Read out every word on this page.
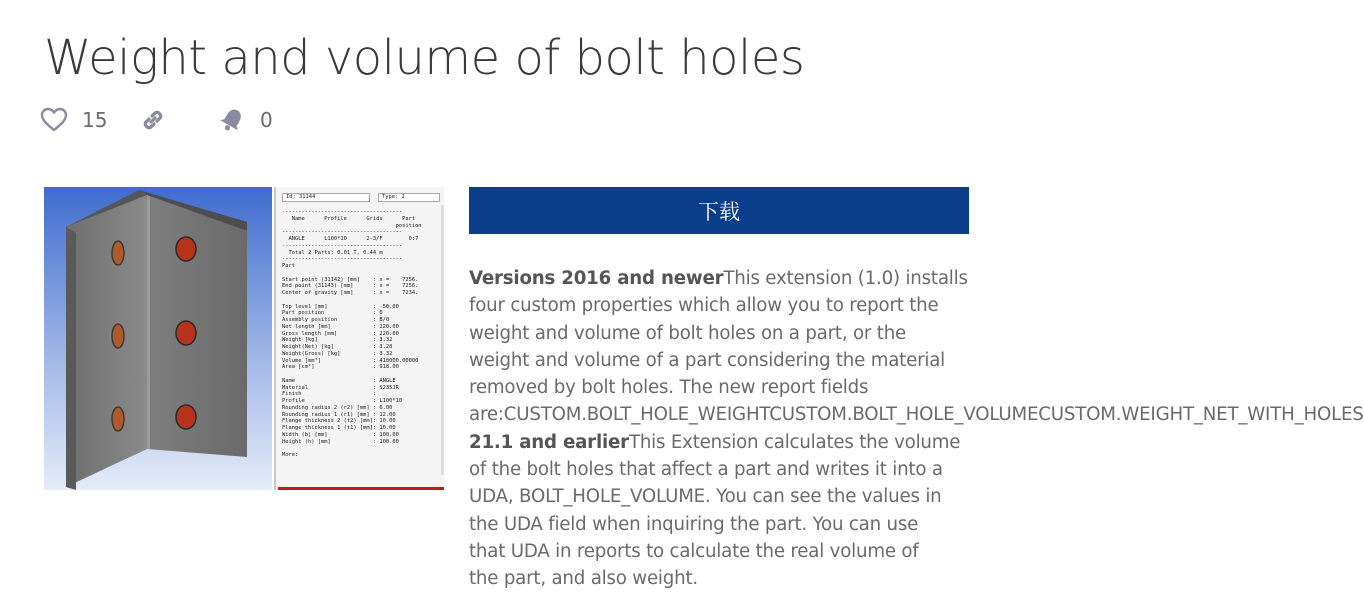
Weight and volume of bolt holes
15	0
Id: 31144	Type: 2
-------------------------------------
Name      Profile      Grids      Part
position
-------------------------------------
ANGLE      L100*10      2-3/F        0:7
-------------------------------------
Total 2 Parts: 0.01 T, 0.44 m
-------------------------------------
Part

Start point (31142) [mm]    : x =    7256.
End point (31143) [mm]      : x =    7256.
Center of gravity [mm]      : x =    7234.

Top level [mm]              : -50.00
Part position               : 0
Assembly position           : B/0
Net length [mm]             : 220.00
Gross length [mm]           : 220.00
Weight [kg]                 : 3.32
Weight(Net) [kg]            : 3.28
Weight(Gross) [kg]          : 3.32
Volume [mm³]                : 418000.00000
Area [cm²]                  : 918.00

Name                        : ANGLE
Material                    : S235JR
Finish                      :
Profile                     : L100*10
Rounding radius 2 (r2) [mm] : 6.00
Rounding radius 1 (r1) [mm] : 12.00
Flange thickness 2 (t2) [mm]: 10.00
Flange thickness 1 (t1) [mm]: 10.00
Width (b) [mm]              : 100.00
Height (h) [mm]             : 100.00

More:
下载
Versions 2016 and newerThis extension (1.0) installs
four custom properties which allow you to report the
weight and volume of bolt holes on a part, or the
weight and volume of a part considering the material
removed by bolt holes. The new report fields
are:CUSTOM.BOLT_HOLE_WEIGHTCUSTOM.BOLT_HOLE_VOLUMECUSTOM.WEIGHT_NET_WITH_HOLES
21.1 and earlierThis Extension calculates the volume
of the bolt holes that affect a part and writes it into a
UDA, BOLT_HOLE_VOLUME. You can see the values in
the UDA field when inquiring the part. You can use
that UDA in reports to calculate the real volume of
the part, and also weight.
